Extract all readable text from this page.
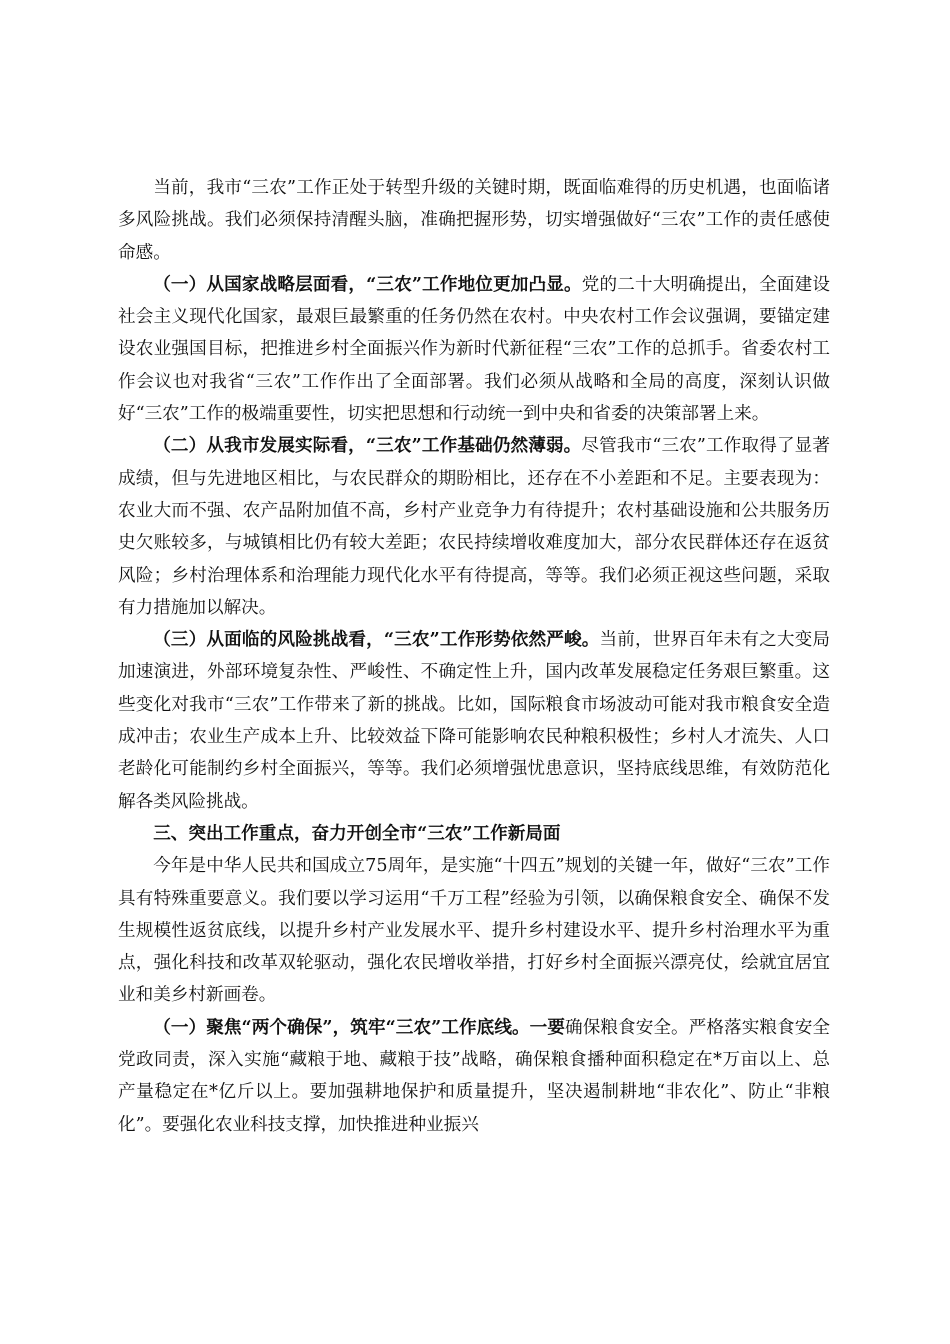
当前，我市“三农”工作正处于转型升级的关键时期，既面临难得的历史机遇，也面临诸多风险挑战。我们必须保持清醒头脑，准确把握形势，切实增强做好“三农”工作的责任感使命感。

（一）从国家战略层面看，“三农”工作地位更加凸显。党的二十大明确提出，全面建设社会主义现代化国家，最艰巨最繁重的任务仍然在农村。中央农村工作会议强调，要锚定建设农业强国目标，把推进乡村全面振兴作为新时代新征程“三农”工作的总抓手。省委农村工作会议也对我省“三农”工作作出了全面部署。我们必须从战略和全局的高度，深刻认识做好“三农”工作的极端重要性，切实把思想和行动统一到中央和省委的决策部署上来。

（二）从我市发展实际看，“三农”工作基础仍然薄弱。尽管我市“三农”工作取得了显著成绩，但与先进地区相比，与农民群众的期盼相比，还存在不小差距和不足。主要表现为：农业大而不强、农产品附加值不高，乡村产业竞争力有待提升；农村基础设施和公共服务历史欠账较多，与城镇相比仍有较大差距；农民持续增收难度加大，部分农民群体还存在返贫风险；乡村治理体系和治理能力现代化水平有待提高，等等。我们必须正视这些问题，采取有力措施加以解决。

（三）从面临的风险挑战看，“三农”工作形势依然严峻。当前，世界百年未有之大变局加速演进，外部环境复杂性、严峻性、不确定性上升，国内改革发展稳定任务艰巨繁重。这些变化对我市“三农”工作带来了新的挑战。比如，国际粮食市场波动可能对我市粮食安全造成冲击；农业生产成本上升、比较效益下降可能影响农民种粮积极性；乡村人才流失、人口老龄化可能制约乡村全面振兴，等等。我们必须增强忧患意识，坚持底线思维，有效防范化解各类风险挑战。

三、突出工作重点，奋力开创全市“三农”工作新局面

今年是中华人民共和国成立75周年，是实施“十四五”规划的关键一年，做好“三农”工作具有特殊重要意义。我们要以学习运用“千万工程”经验为引领，以确保粮食安全、确保不发生规模性返贫底线，以提升乡村产业发展水平、提升乡村建设水平、提升乡村治理水平为重点，强化科技和改革双轮驱动，强化农民增收举措，打好乡村全面振兴漂亮仗，绘就宜居宜业和美乡村新画卷。

（一）聚焦“两个确保”，筑牢“三农”工作底线。一要确保粮食安全。严格落实粮食安全党政同责，深入实施“藏粮于地、藏粮于技”战略，确保粮食播种面积稳定在*万亩以上、总产量稳定在*亿斤以上。要加强耕地保护和质量提升，坚决遏制耕地“非农化”、防止“非粮化”。要强化农业科技支撑，加快推进种业振兴
